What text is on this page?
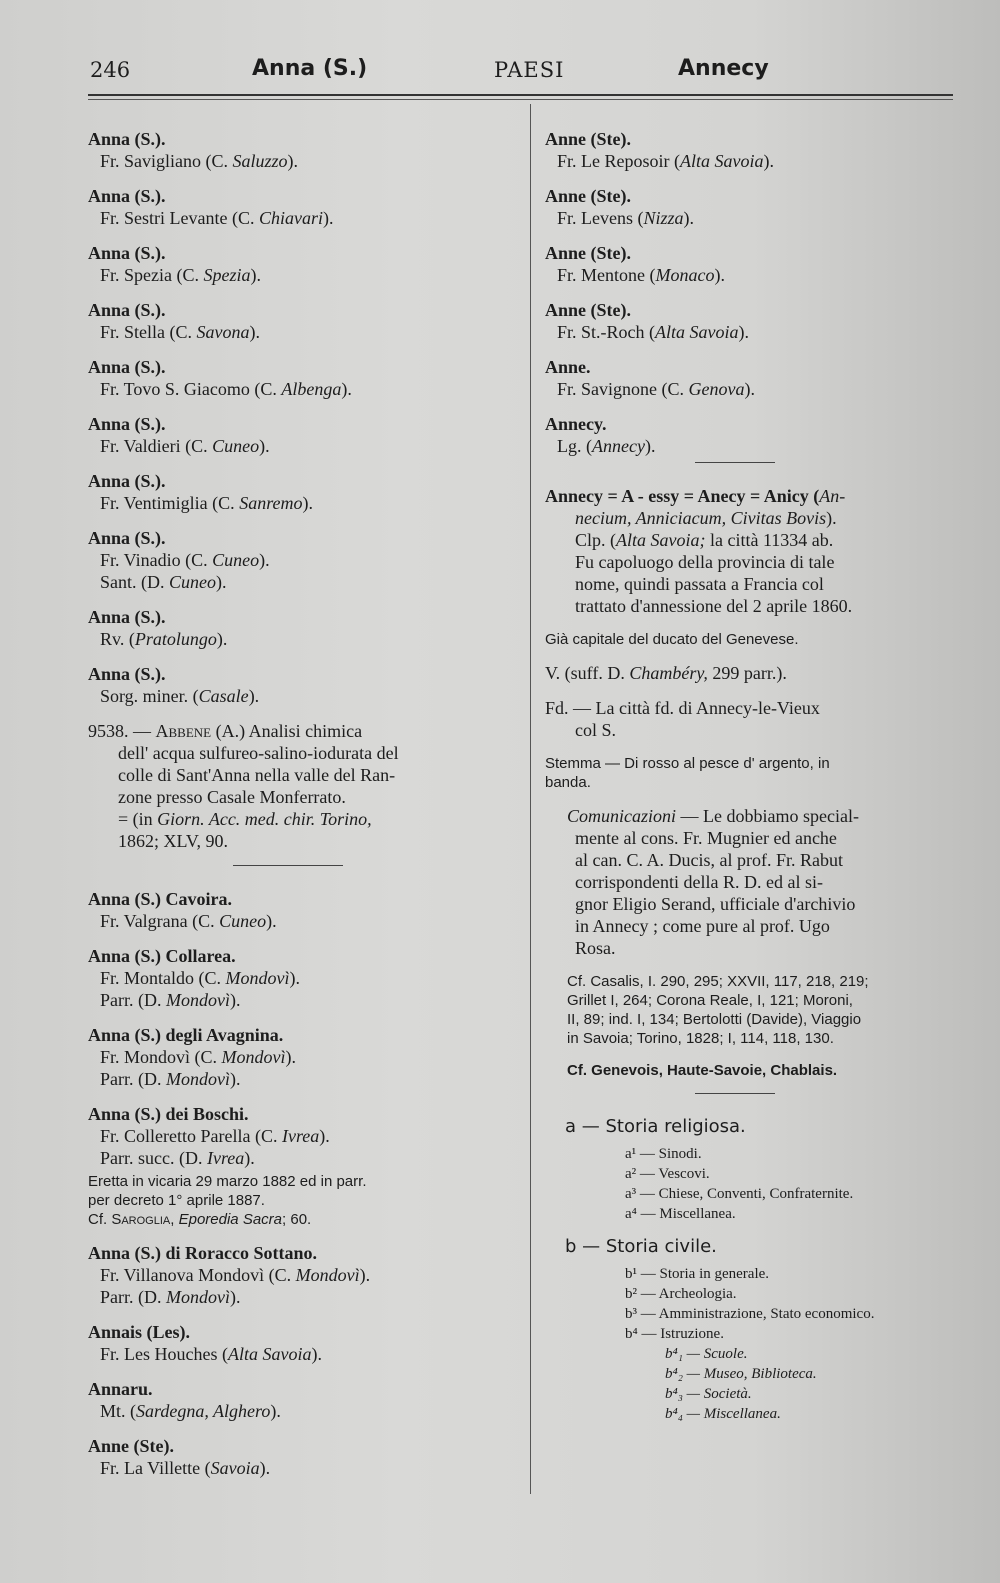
246	Anna (S.)	PAESI	Annecy
Anna (S.).
Fr. Savigliano (C. Saluzzo).
Anna (S.).
Fr. Sestri Levante (C. Chiavari).
Anna (S.).
Fr. Spezia (C. Spezia).
Anna (S.).
Fr. Stella (C. Savona).
Anna (S.).
Fr. Tovo S. Giacomo (C. Albenga).
Anna (S.).
Fr. Valdieri (C. Cuneo).
Anna (S.).
Fr. Ventimiglia (C. Sanremo).
Anna (S.).
Fr. Vinadio (C. Cuneo).
Sant. (D. Cuneo).
Anna (S.).
Rv. (Pratolungo).
Anna (S.).
Sorg. miner. (Casale).
9538. — Abbene (A.) Analisi chimica
dell' acqua sulfureo-salino-iodurata del
colle di Sant'Anna nella valle del Ran-
zone presso Casale Monferrato.
= (in Giorn. Acc. med. chir. Torino,
1862; XLV, 90.
Anna (S.) Cavoira.
Fr. Valgrana (C. Cuneo).
Anna (S.) Collarea.
Fr. Montaldo (C. Mondovì).
Parr. (D. Mondovì).
Anna (S.) degli Avagnina.
Fr. Mondovì (C. Mondovì).
Parr. (D. Mondovì).
Anna (S.) dei Boschi.
Fr. Colleretto Parella (C. Ivrea).
Parr. succ. (D. Ivrea).
Eretta in vicaria 29 marzo 1882 ed in parr.
per decreto 1° aprile 1887.
Cf. Saroglia, Eporedia Sacra; 60.
Anna (S.) di Roracco Sottano.
Fr. Villanova Mondovì (C. Mondovì).
Parr. (D. Mondovì).
Annais (Les).
Fr. Les Houches (Alta Savoia).
Annaru.
Mt. (Sardegna, Alghero).
Anne (Ste).
Fr. La Villette (Savoia).
Anne (Ste).
Fr. Le Reposoir (Alta Savoia).
Anne (Ste).
Fr. Levens (Nizza).
Anne (Ste).
Fr. Mentone (Monaco).
Anne (Ste).
Fr. St.-Roch (Alta Savoia).
Anne.
Fr. Savignone (C. Genova).
Annecy.
Lg. (Annecy).
Annecy = A - essy = Anecy = Anicy (An-
necium, Anniciacum, Civitas Bovis).
Clp. (Alta Savoia; la città 11334 ab.
Fu capoluogo della provincia di tale
nome, quindi passata a Francia col
trattato d'annessione del 2 aprile 1860.
Già capitale del ducato del Genevese.
V. (suff. D. Chambéry, 299 parr.).
Fd. — La città fd. di Annecy-le-Vieux
col S.
Stemma — Di rosso al pesce d' argento, in
banda.
Comunicazioni — Le dobbiamo special-
mente al cons. Fr. Mugnier ed anche
al can. C. A. Ducis, al prof. Fr. Rabut
corrispondenti della R. D. ed al si-
gnor Eligio Serand, ufficiale d'archivio
in Annecy ; come pure al prof. Ugo
Rosa.
Cf. Casalis, I. 290, 295; XXVII, 117, 218, 219;
Grillet I, 264; Corona Reale, I, 121; Moroni,
II, 89; ind. I, 134; Bertolotti (Davide), Viaggio
in Savoia; Torino, 1828; I, 114, 118, 130.
Cf. Genevois, Haute-Savoie, Chablais.
a — Storia religiosa.
a¹ — Sinodi.
a² — Vescovi.
a³ — Chiese, Conventi, Confraternite.
a⁴ — Miscellanea.
b — Storia civile.
b¹ — Storia in generale.
b² — Archeologia.
b³ — Amministrazione, Stato economico.
b⁴ — Istruzione.
b⁴₁ — Scuole.
b⁴₂ — Museo, Biblioteca.
b⁴₃ — Società.
b⁴₄ — Miscellanea.
